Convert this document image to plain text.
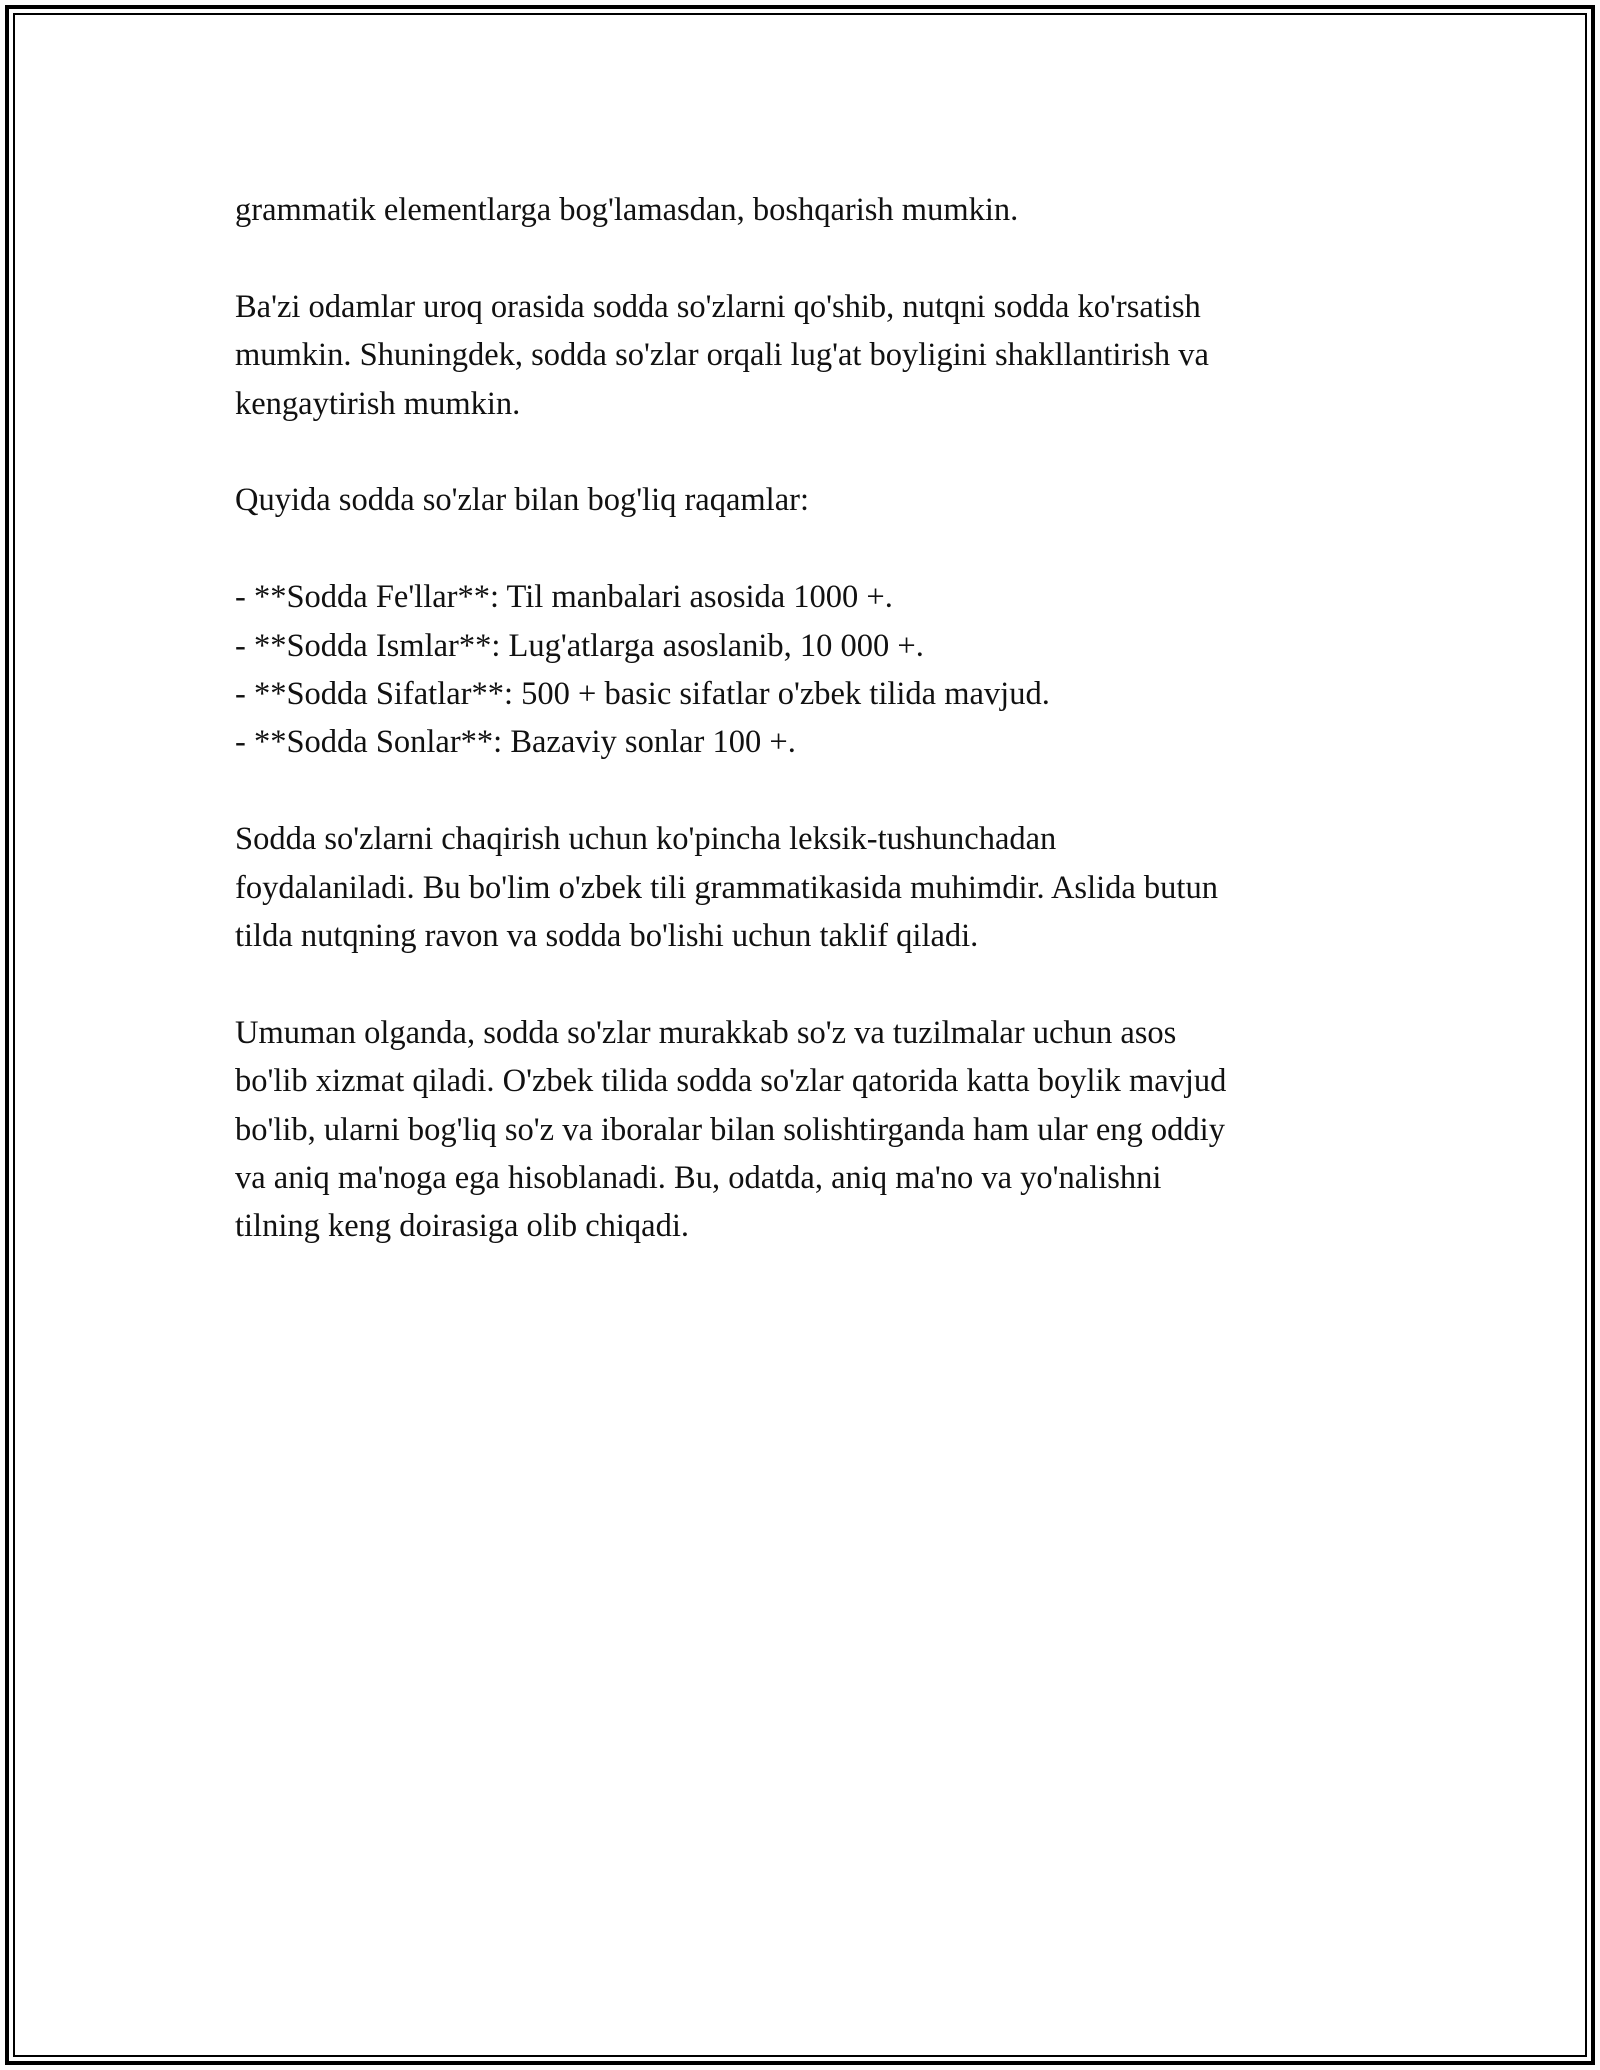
grammatik elementlarga bog'lamasdan, boshqarish mumkin.

Ba'zi odamlar uroq orasida sodda so'zlarni qo'shib, nutqni sodda ko'rsatish
mumkin. Shuningdek, sodda so'zlar orqali lug'at boyligini shakllantirish va
kengaytirish mumkin.

Quyida sodda so'zlar bilan bog'liq raqamlar:

- **Sodda Fe'llar**: Til manbalari asosida 1000 +.
- **Sodda Ismlar**: Lug'atlarga asoslanib, 10 000 +.
- **Sodda Sifatlar**: 500 + basic sifatlar o'zbek tilida mavjud.
- **Sodda Sonlar**: Bazaviy sonlar 100 +.

Sodda so'zlarni chaqirish uchun ko'pincha leksik-tushunchadan
foydalaniladi. Bu bo'lim o'zbek tili grammatikasida muhimdir. Aslida butun
tilda nutqning ravon va sodda bo'lishi uchun taklif qiladi.

Umuman olganda, sodda so'zlar murakkab so'z va tuzilmalar uchun asos
bo'lib xizmat qiladi. O'zbek tilida sodda so'zlar qatorida katta boylik mavjud
bo'lib, ularni bog'liq so'z va iboralar bilan solishtirganda ham ular eng oddiy
va aniq ma'noga ega hisoblanadi. Bu, odatda, aniq ma'no va yo'nalishni
tilning keng doirasiga olib chiqadi.
